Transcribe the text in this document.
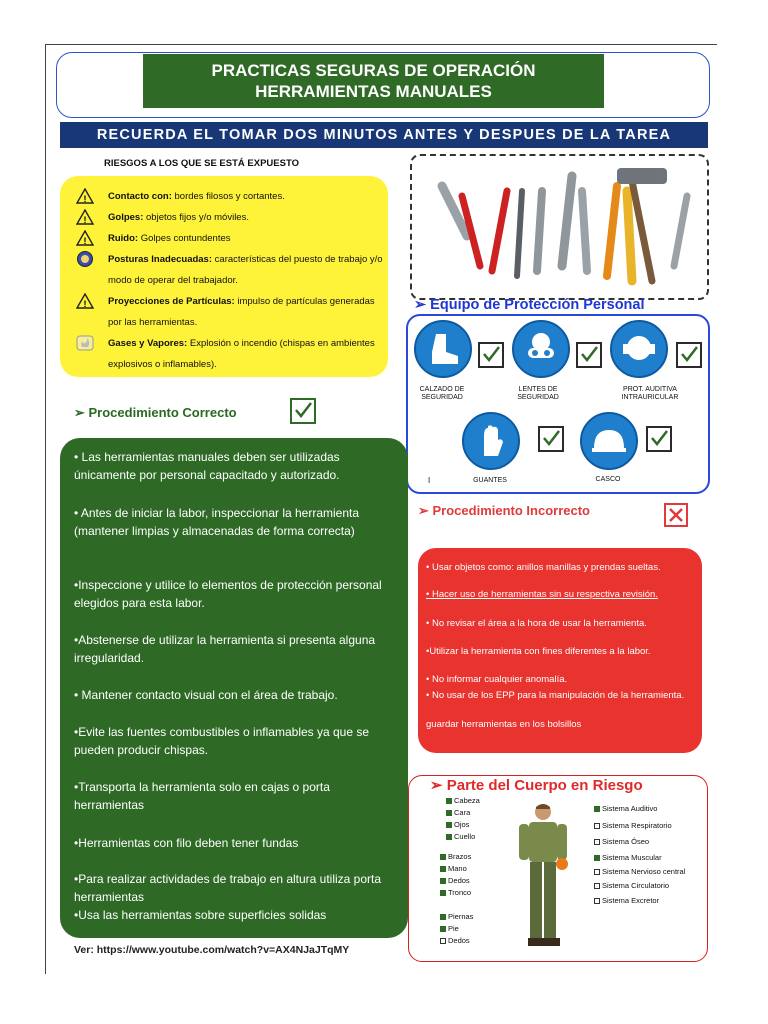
PRACTICAS SEGURAS DE OPERACIÓN
HERRAMIENTAS MANUALES
RECUERDA EL TOMAR DOS MINUTOS ANTES Y DESPUES DE LA TAREA
RIESGOS A LOS QUE SE ESTÁ EXPUESTO
! Contacto con: bordes filosos y cortantes.
! Golpes: objetos fijos y/o móviles.
! Ruido: Golpes contundentes
Posturas Inadecuadas: características del puesto de trabajo y/o modo de operar del trabajador.
! Proyecciones de Partículas: impulso de partículas generadas por las herramientas.
Gases y Vapores: Explosión o incendio (chispas en ambientes explosivos o inflamables).
➢ Equipo de Protección Personal
CALZADO DE SEGURIDAD
LENTES DE SEGURIDAD
PROT. AUDITIVA INTRAURICULAR
GUANTES	CASCO
I
➢ Procedimiento Correcto
• Las herramientas manuales deben ser utilizadas únicamente por personal capacitado y autorizado.
• Antes de iniciar la labor, inspeccionar la herramienta (mantener limpias y almacenadas de forma correcta)
•Inspeccione y utilice lo elementos de protección personal elegidos para esta labor.
•Abstenerse de utilizar la herramienta si presenta alguna irregularidad.
• Mantener contacto visual con el área de trabajo.
•Evite las fuentes combustibles o inflamables ya que se pueden producir chispas.
•Transporta la herramienta solo en cajas o porta herramientas
•Herramientas con filo deben tener fundas
•Para realizar actividades de trabajo en altura utiliza porta herramientas
•Usa las herramientas sobre superficies solidas
➢ Procedimiento Incorrecto
• Usar objetos como: anillos manillas y prendas sueltas.
• Hacer uso de herramientas sin su respectiva revisión.
• No revisar el área a la hora de usar la herramienta.
•Utilizar la herramienta con fines diferentes a la labor.
• No informar cualquier anomalía.
• No usar de los EPP para la manipulación de la herramienta.
guardar herramientas en los bolsillos
➢ Parte del Cuerpo en Riesgo
Cabeza
Cara
Ojos
Cuello
Brazos
Mano
Dedos
Tronco
Piernas
Pie
Dedos
Sistema Auditivo
Sistema Respiratorio
Sistema Óseo
Sistema Muscular
Sistema Nervioso central
Sistema Circulatorio
Sistema Excretor
Ver: https://www.youtube.com/watch?v=AX4NJaJTqMY
